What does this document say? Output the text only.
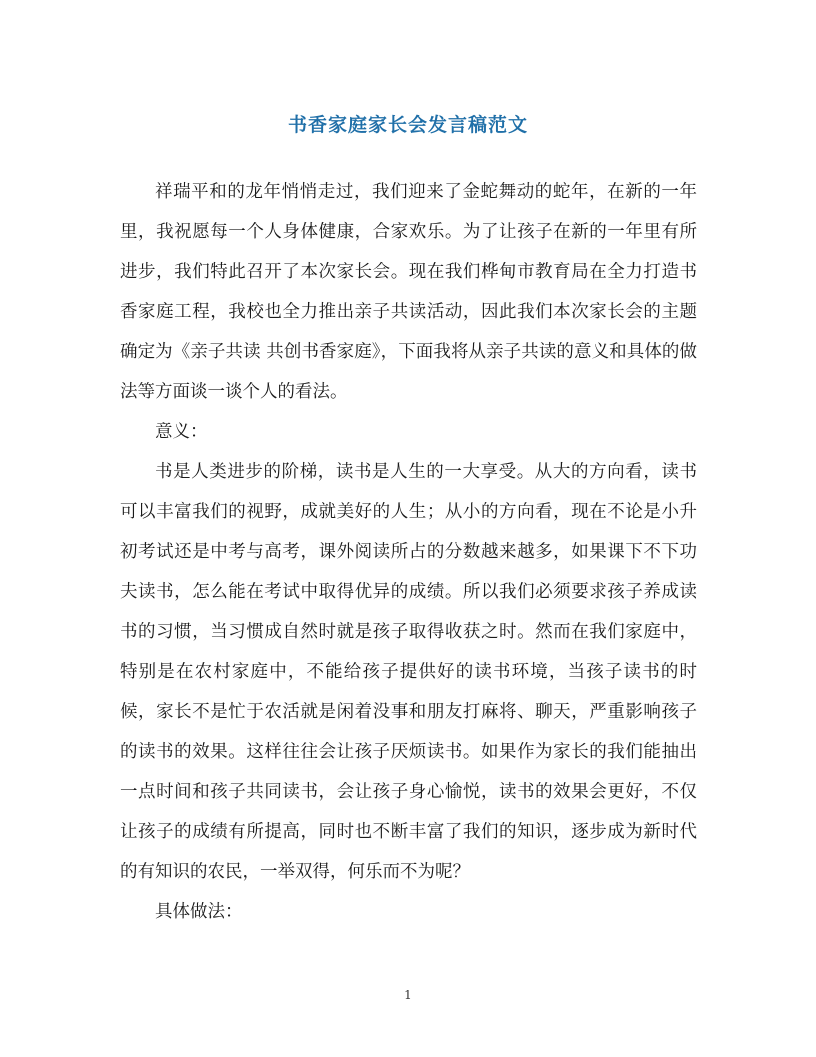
书香家庭家长会发言稿范文

祥瑞平和的龙年悄悄走过，我们迎来了金蛇舞动的蛇年，在新的一年里，我祝愿每一个人身体健康，合家欢乐。为了让孩子在新的一年里有所进步，我们特此召开了本次家长会。现在我们桦甸市教育局在全力打造书香家庭工程，我校也全力推出亲子共读活动，因此我们本次家长会的主题确定为《亲子共读 共创书香家庭》，下面我将从亲子共读的意义和具体的做法等方面谈一谈个人的看法。

意义：

书是人类进步的阶梯，读书是人生的一大享受。从大的方向看，读书可以丰富我们的视野，成就美好的人生；从小的方向看，现在不论是小升初考试还是中考与高考，课外阅读所占的分数越来越多，如果课下不下功夫读书，怎么能在考试中取得优异的成绩。所以我们必须要求孩子养成读书的习惯，当习惯成自然时就是孩子取得收获之时。然而在我们家庭中，特别是在农村家庭中，不能给孩子提供好的读书环境，当孩子读书的时候，家长不是忙于农活就是闲着没事和朋友打麻将、聊天，严重影响孩子的读书的效果。这样往往会让孩子厌烦读书。如果作为家长的我们能抽出一点时间和孩子共同读书，会让孩子身心愉悦，读书的效果会更好，不仅让孩子的成绩有所提高，同时也不断丰富了我们的知识，逐步成为新时代的有知识的农民，一举双得，何乐而不为呢？

具体做法：

1
